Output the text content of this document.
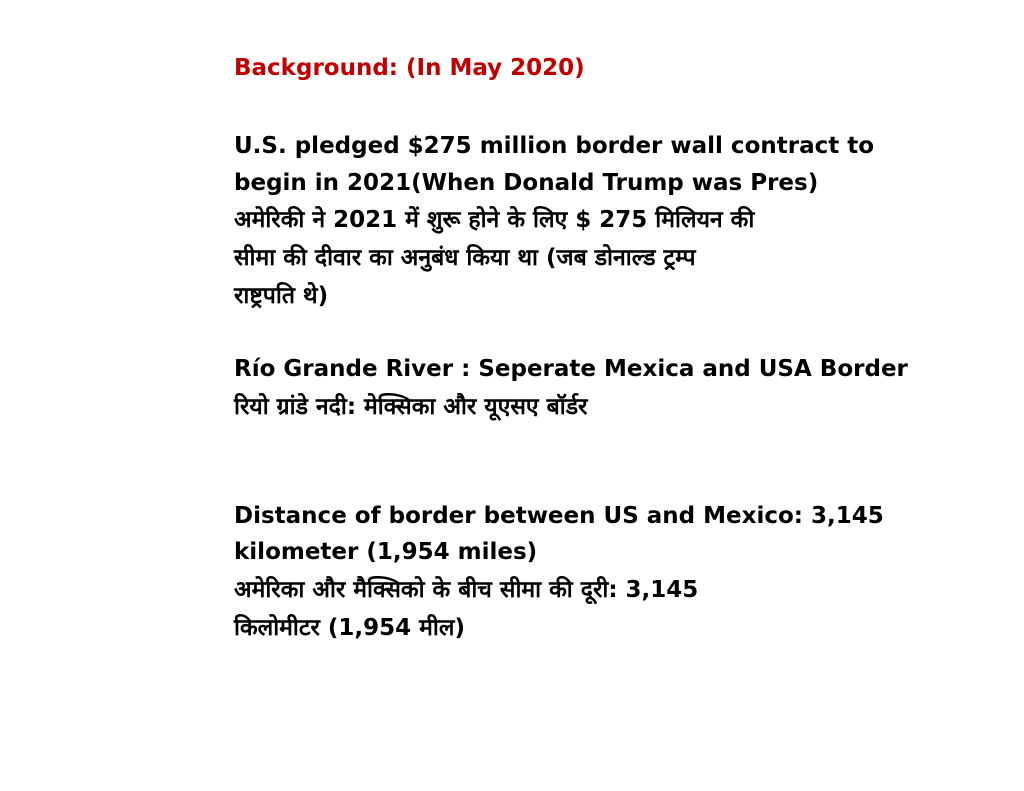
Background: (In May 2020)

U.S. pledged $275 million border wall contract to

begin in 2021(When Donald Trump was Pres)

अमेरिकी ने 2021 में शुरू होने के लिए $ 275 मिलियन की

सीमा की दीवार का अनुबंध किया था (जब डोनाल्ड ट्रम्प

राष्ट्रपति थे)

Río Grande River : Seperate Mexica and USA Border

रियो ग्रांडे नदी: मेक्सिका और यूएसए बॉर्डर

Distance of border between US and Mexico: 3,145

kilometer (1,954 miles)

अमेरिका और मैक्सिको के बीच सीमा की दूरी: 3,145

किलोमीटर (1,954 मील)
